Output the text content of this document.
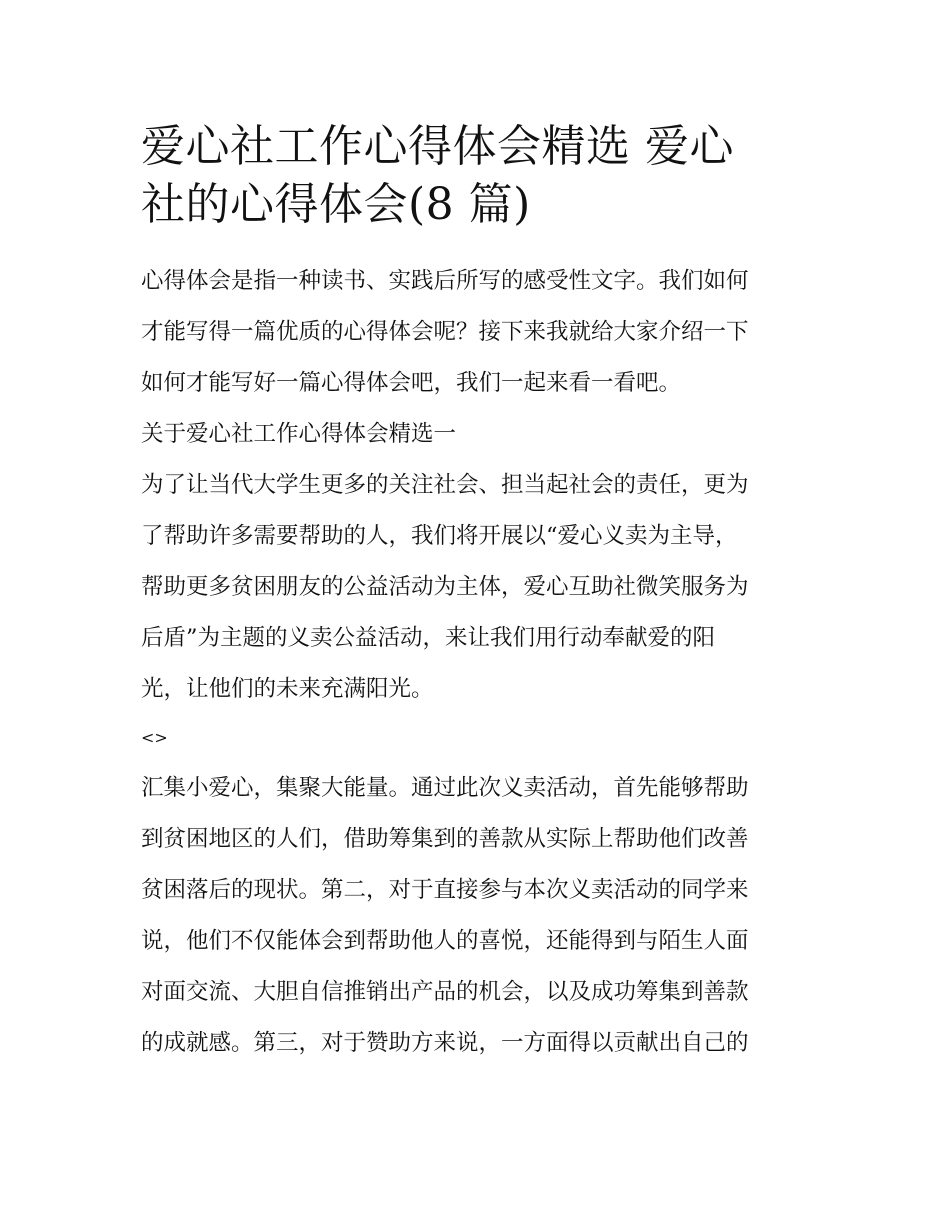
爱心社工作心得体会精选 爱心
社的心得体会(8 篇)

心得体会是指一种读书、实践后所写的感受性文字。我们如何
才能写得一篇优质的心得体会呢？接下来我就给大家介绍一下
如何才能写好一篇心得体会吧，我们一起来看一看吧。

关于爱心社工作心得体会精选一

为了让当代大学生更多的关注社会、担当起社会的责任，更为
了帮助许多需要帮助的人，我们将开展以“爱心义卖为主导，
帮助更多贫困朋友的公益活动为主体，爱心互助社微笑服务为
后盾”为主题的义卖公益活动，来让我们用行动奉献爱的阳
光，让他们的未来充满阳光。

<>

汇集小爱心，集聚大能量。通过此次义卖活动，首先能够帮助
到贫困地区的人们，借助筹集到的善款从实际上帮助他们改善
贫困落后的现状。第二，对于直接参与本次义卖活动的同学来
说，他们不仅能体会到帮助他人的喜悦，还能得到与陌生人面
对面交流、大胆自信推销出产品的机会，以及成功筹集到善款
的成就感。第三，对于赞助方来说，一方面得以贡献出自己的
